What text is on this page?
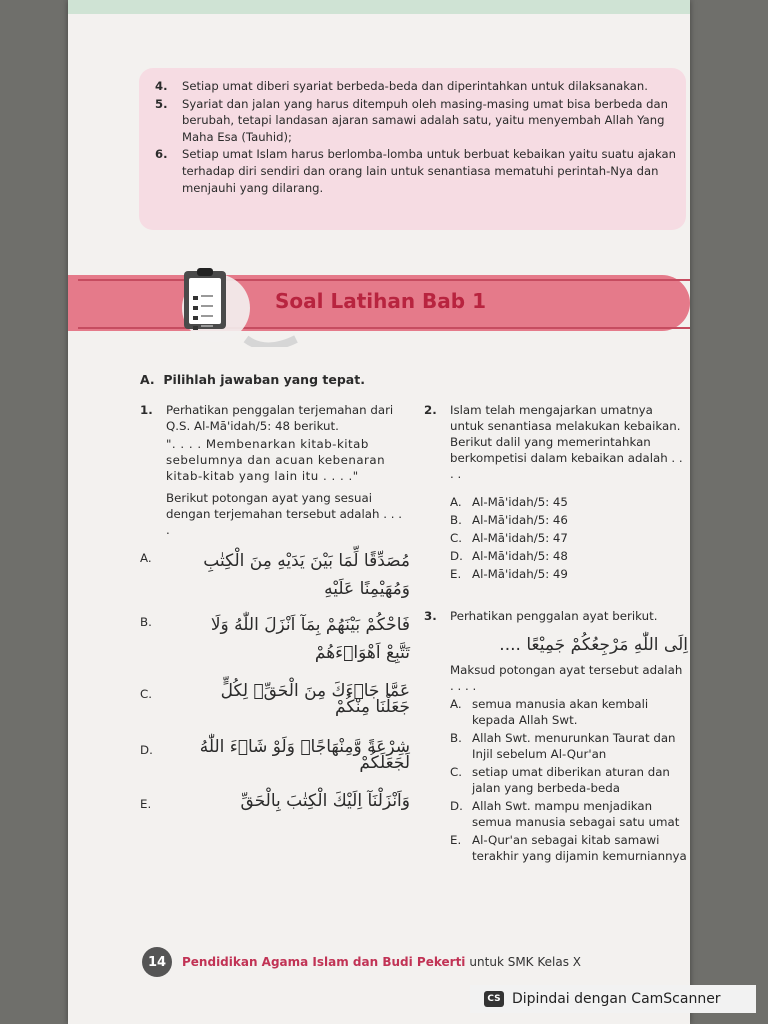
4.	Setiap umat diberi syariat berbeda-beda dan diperintahkan untuk dilaksanakan.
5.	Syariat dan jalan yang harus ditempuh oleh masing-masing umat bisa berbeda dan berubah, tetapi landasan ajaran samawi adalah satu, yaitu menyembah Allah Yang Maha Esa (Tauhid);
6.	Setiap umat Islam harus berlomba-lomba untuk berbuat kebaikan yaitu suatu ajakan terhadap diri sendiri dan orang lain untuk senantiasa mematuhi perintah-Nya dan menjauhi yang dilarang.
Soal Latihan Bab 1
A. Pilihlah jawaban yang tepat.
1.	Perhatikan penggalan terjemahan dari Q.S. Al-Mā'idah/5: 48 berikut.
". . . . Membenarkan kitab-kitab sebelumnya dan acuan kebenaran kitab-kitab yang lain itu . . . ."
Berikut potongan ayat yang sesuai dengan terjemahan tersebut adalah . . . .
A.	مُصَدِّقًا لِّمَا بَيْنَ يَدَيْهِ مِنَ الْكِتٰبِ وَمُهَيْمِنًا عَلَيْهِ
B.	فَاحْكُمْ بَيْنَهُمْ بِمَآ اَنْزَلَ اللّٰهُ وَلَا تَتَّبِعْ اَهْوَاۤءَهُمْ
C.	عَمَّا جَاۤءَكَ مِنَ الْحَقِّۗ لِكُلٍّ جَعَلْنَا مِنْكُمْ
D.	شِرْعَةً وَّمِنْهَاجًاۗ وَلَوْ شَاۤءَ اللّٰهُ لَجَعَلَكُمْ
E.	وَاَنْزَلْنَآ اِلَيْكَ الْكِتٰبَ بِالْحَقِّ
2.	Islam telah mengajarkan umatnya untuk senantiasa melakukan kebaikan. Berikut dalil yang memerintahkan berkompetisi dalam kebaikan adalah . . . .
A. Al-Mā'idah/5: 45
B. Al-Mā'idah/5: 46
C. Al-Mā'idah/5: 47
D. Al-Mā'idah/5: 48
E. Al-Mā'idah/5: 49
3.	Perhatikan penggalan ayat berikut.
اِلَى اللّٰهِ مَرْجِعُكُمْ جَمِيْعًا ....
Maksud potongan ayat tersebut adalah . . . .
A. semua manusia akan kembali kepada Allah Swt.
B. Allah Swt. menurunkan Taurat dan Injil sebelum Al-Qur'an
C. setiap umat diberikan aturan dan jalan yang berbeda-beda
D. Allah Swt. mampu menjadikan semua manusia sebagai satu umat
E. Al-Qur'an sebagai kitab samawi terakhir yang dijamin kemurniannya
14	Pendidikan Agama Islam dan Budi Pekerti untuk SMK Kelas X
CS Dipindai dengan CamScanner
